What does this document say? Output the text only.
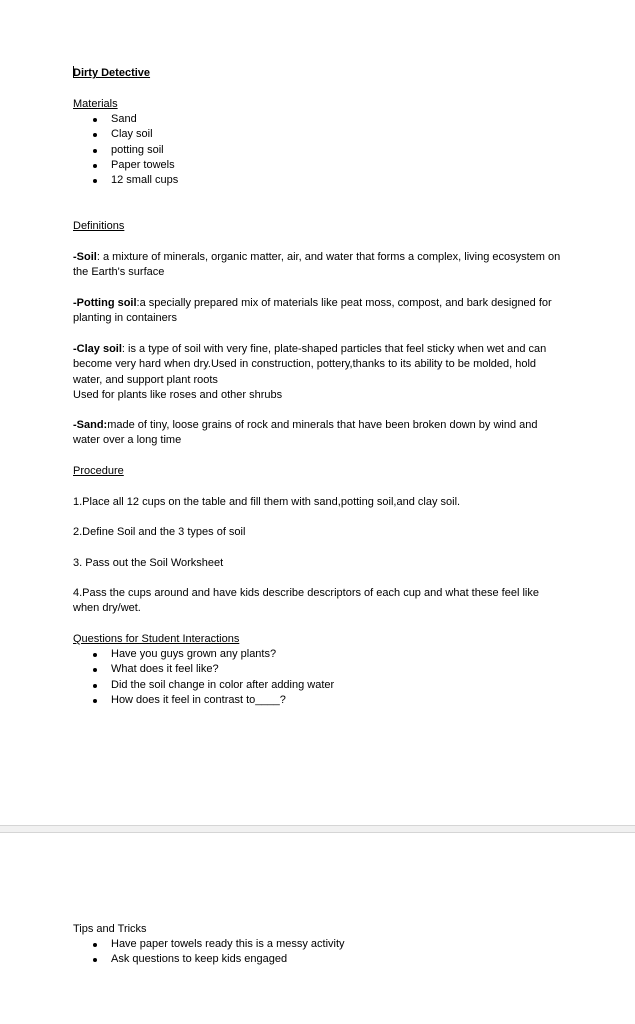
Dirty Detective
Materials
Sand
Clay soil
potting soil
Paper towels
12 small cups
Definitions
-Soil: a mixture of minerals, organic matter, air, and water that forms a complex, living ecosystem on the Earth's surface
-Potting soil:a specially prepared mix of materials like peat moss, compost, and bark designed for planting in containers
-Clay soil: is a type of soil with very fine, plate-shaped particles that feel sticky when wet and can become very hard when dry.Used in construction, pottery,thanks to its ability to be molded, hold water, and support plant roots
Used for plants like roses and other shrubs
-Sand:made of tiny, loose grains of rock and minerals that have been broken down by wind and water over a long time
Procedure
1.Place all 12 cups on the table and fill them with sand,potting soil,and clay soil.
2.Define Soil and the 3 types of soil
3. Pass out the Soil Worksheet
4.Pass the cups around and have kids describe descriptors of each cup and what these feel like when dry/wet.
Questions for Student Interactions
Have you guys grown any plants?
What does it feel like?
Did the soil change in color after adding water
How does it feel in contrast to____?
Tips and Tricks
Have paper towels ready this is a messy activity
Ask questions to keep kids engaged
